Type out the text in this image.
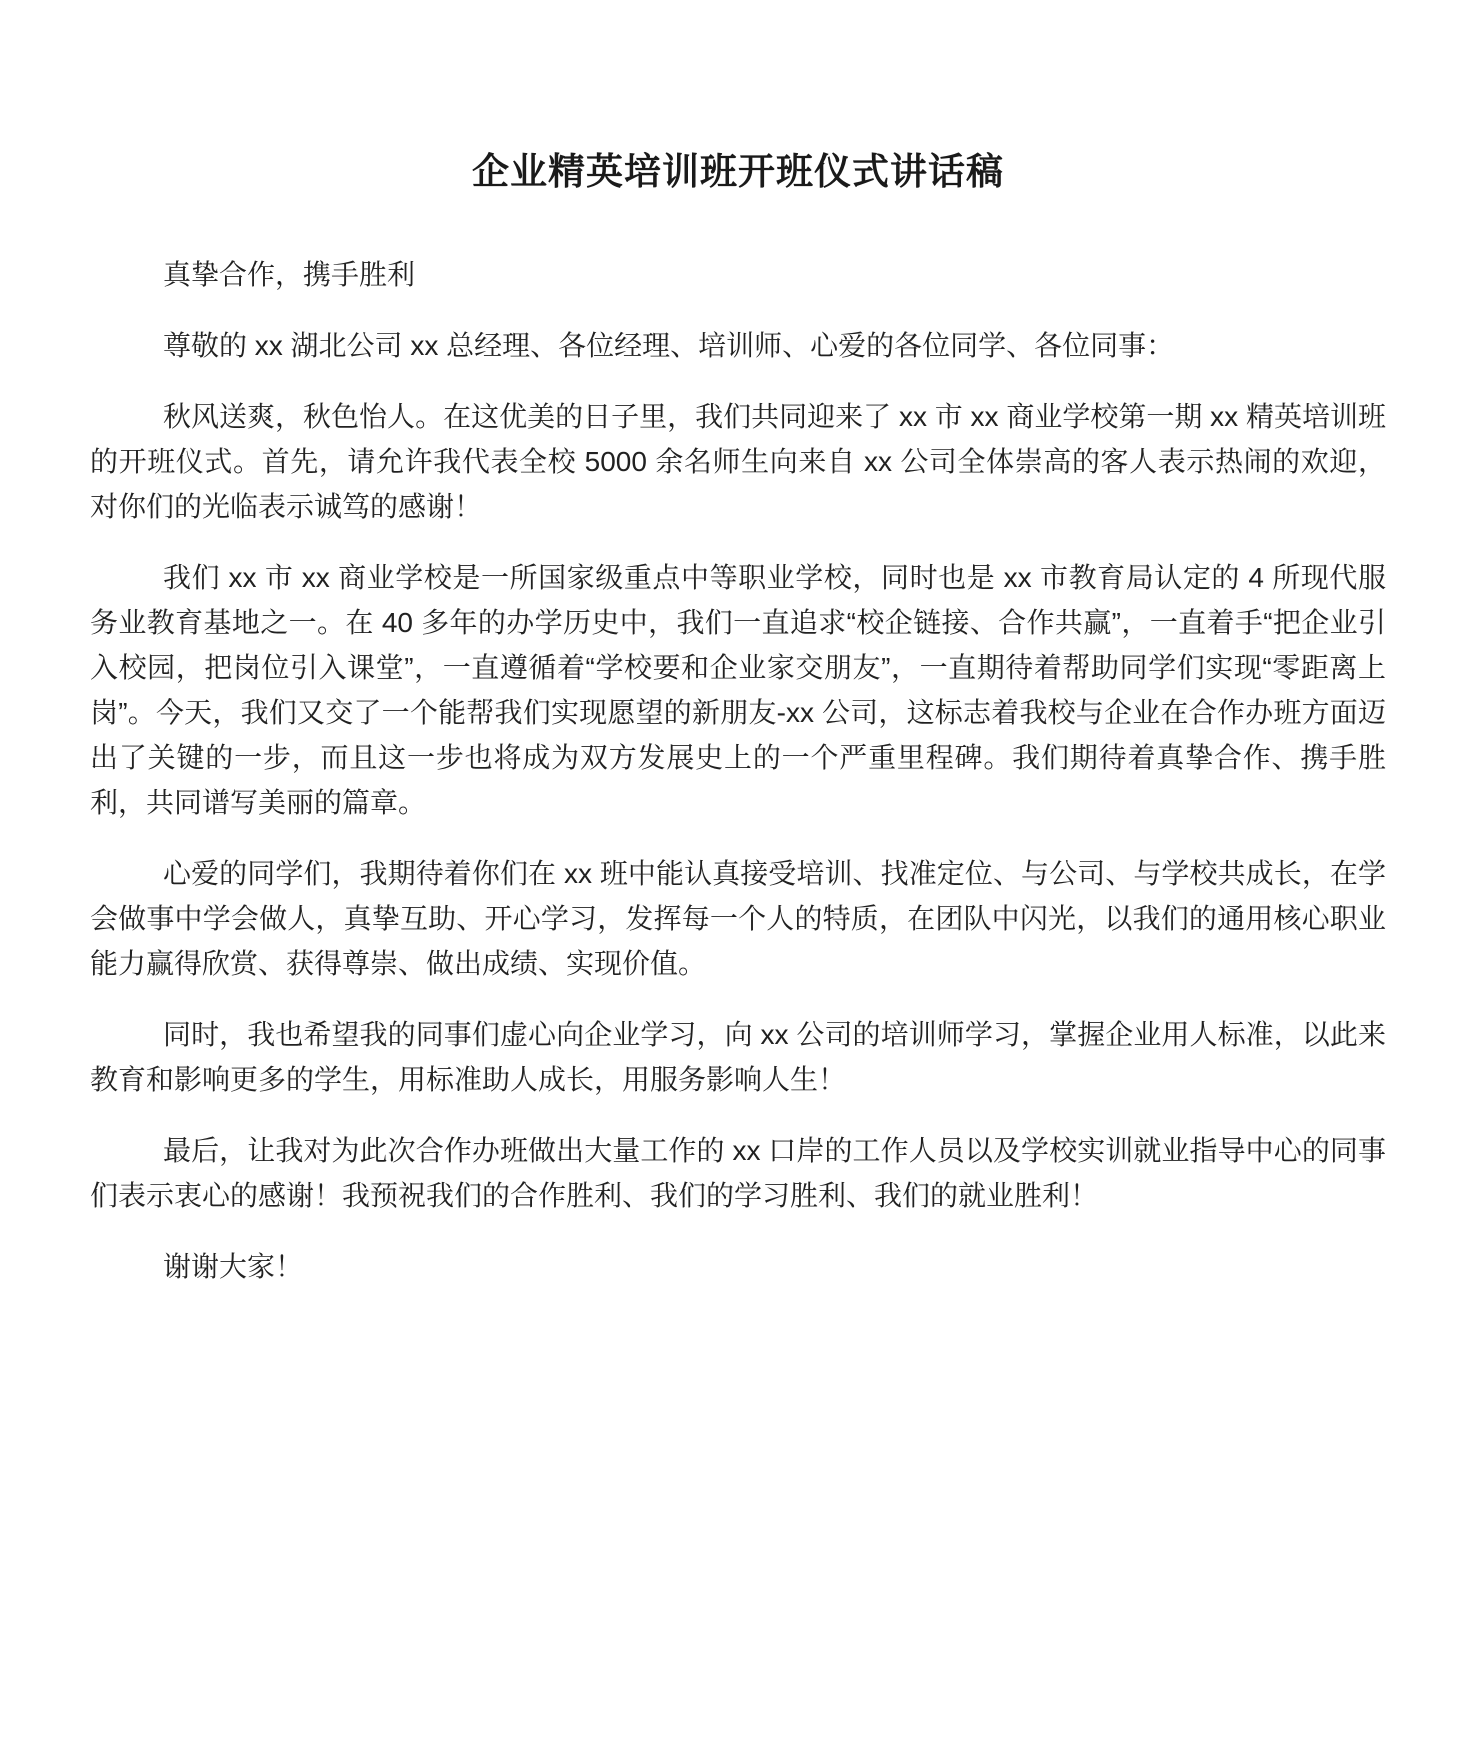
企业精英培训班开班仪式讲话稿

真挚合作，携手胜利

尊敬的 xx 湖北公司 xx 总经理、各位经理、培训师、心爱的各位同学、各位同事：

秋风送爽，秋色怡人。在这优美的日子里，我们共同迎来了 xx 市 xx 商业学校第一期 xx 精英培训班的开班仪式。首先，请允许我代表全校 5000 余名师生向来自 xx 公司全体崇高的客人表示热闹的欢迎，对你们的光临表示诚笃的感谢！

我们 xx 市 xx 商业学校是一所国家级重点中等职业学校，同时也是 xx 市教育局认定的 4 所现代服务业教育基地之一。在 40 多年的办学历史中，我们一直追求“校企链接、合作共赢”，一直着手“把企业引入校园，把岗位引入课堂”，一直遵循着“学校要和企业家交朋友”，一直期待着帮助同学们实现“零距离上岗”。今天，我们又交了一个能帮我们实现愿望的新朋友-xx 公司，这标志着我校与企业在合作办班方面迈出了关键的一步，而且这一步也将成为双方发展史上的一个严重里程碑。我们期待着真挚合作、携手胜利，共同谱写美丽的篇章。

心爱的同学们，我期待着你们在 xx 班中能认真接受培训、找准定位、与公司、与学校共成长，在学会做事中学会做人，真挚互助、开心学习，发挥每一个人的特质，在团队中闪光，以我们的通用核心职业能力赢得欣赏、获得尊崇、做出成绩、实现价值。

同时，我也希望我的同事们虚心向企业学习，向 xx 公司的培训师学习，掌握企业用人标准，以此来教育和影响更多的学生，用标准助人成长，用服务影响人生！

最后，让我对为此次合作办班做出大量工作的 xx 口岸的工作人员以及学校实训就业指导中心的同事们表示衷心的感谢！我预祝我们的合作胜利、我们的学习胜利、我们的就业胜利！

谢谢大家！
